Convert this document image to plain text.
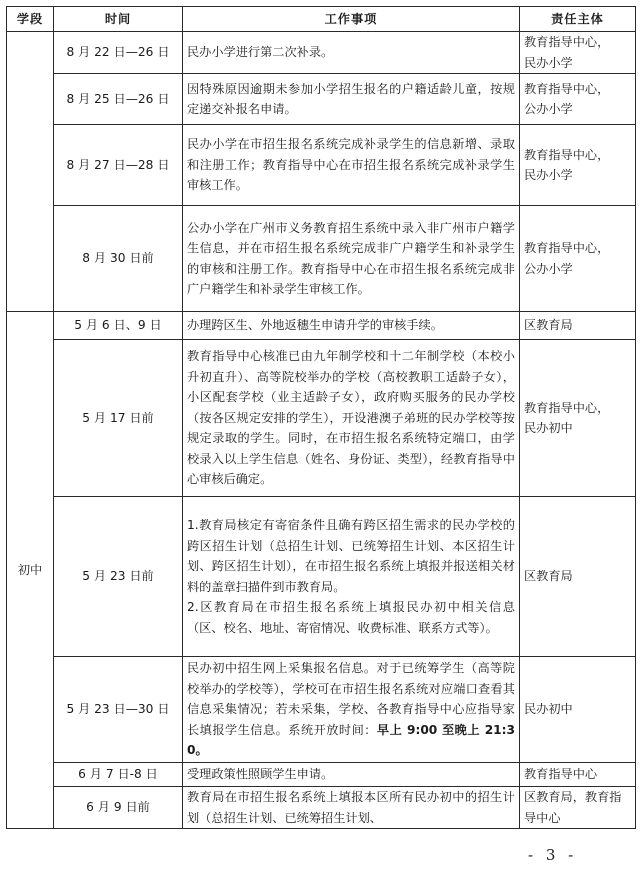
学段	时间	工作事项	责任主体
	8 月 22 日—26 日	民办小学进行第二次补录。	教育指导中心，
民办小学

	8 月 25 日—26 日	因特殊原因逾期未参加小学招生报名的户籍适龄儿童，按规定递交补报名申请。	教育指导中心，
公办小学

	8 月 27 日—28 日	民办小学在市招生报名系统完成补录学生的信息新增、录取和注册工作；教育指导中心在市招生报名系统完成补录学生审核工作。	教育指导中心，
民办小学

	8 月 30 日前	公办小学在广州市义务教育招生系统中录入非广州市户籍学生信息，并在市招生报名系统完成非广户籍学生和补录学生的审核和注册工作。教育指导中心在市招生报名系统完成非广户籍学生和补录学生审核工作。	教育指导中心，
公办小学

初中	5 月 6 日、9 日	办理跨区生、外地返穗生申请升学的审核手续。	区教育局

	5 月 17 日前	教育指导中心核准已由九年制学校和十二年制学校（本校小升初直升）、高等院校举办的学校（高校教职工适龄子女），小区配套学校（业主适龄子女），政府购买服务的民办学校（按各区规定安排的学生），开设港澳子弟班的民办学校等按规定录取的学生。同时，在市招生报名系统特定端口，由学校录入以上学生信息（姓名、身份证、类型），经教育指导中心审核后确定。	教育指导中心，
民办初中

	5 月 23 日前	1.教育局核定有寄宿条件且确有跨区招生需求的民办学校的跨区招生计划（总招生计划、已统筹招生计划、本区招生计划、跨区招生计划），在市招生报名系统上填报并报送相关材料的盖章扫描件到市教育局。
2.区教育局在市招生报名系统上填报民办初中相关信息（区、校名、地址、寄宿情况、收费标准、联系方式等）。	区教育局

	5 月 23 日—30 日	民办初中招生网上采集报名信息。对于已统筹学生（高等院校举办的学校等），学校可在市招生报名系统对应端口查看其信息采集情况；若未采集，学校、各教育指导中心应指导家长填报学生信息。系统开放时间：早上 9:00 至晚上 21:30。	民办初中

	6 月 7 日-8 日	受理政策性照顾学生申请。	教育指导中心

	6 月 9 日前	教育局在市招生报名系统上填报本区所有民办初中的招生计划（总招生计划、已统筹招生计划、	区教育局，教育指
导中心
- 3 -
